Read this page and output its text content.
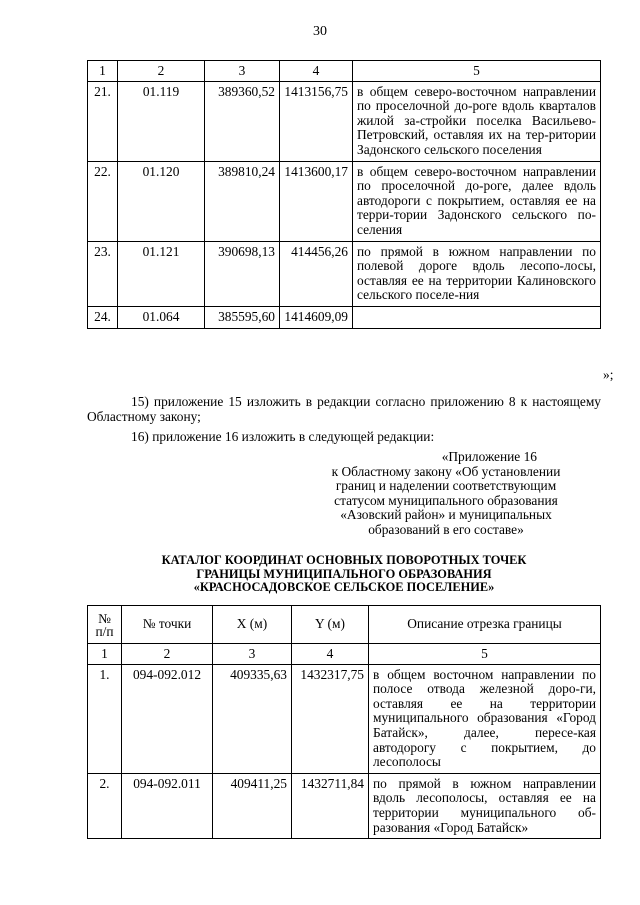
30
1	2	3	4	5
21.	01.119	389360,52	1413156,75	в общем северо-восточном направлении по проселочной до-роге вдоль кварталов жилой за-стройки поселка Васильево-Петровский, оставляя их на тер-ритории Задонского сельского поселения
22.	01.120	389810,24	1413600,17	в общем северо-восточном направлении по проселочной до-роге, далее вдоль автодороги с покрытием, оставляя ее на терри-тории Задонского сельского по-селения
23.	01.121	390698,13	414456,26	по прямой в южном направлении по полевой дороге вдоль лесопо-лосы, оставляя ее на территории Калиновского сельского поселе-ния
24.	01.064	385595,60	1414609,09	
»;
15) приложение 15 изложить в редакции согласно приложению 8 к настоящему Областному закону;
16) приложение 16 изложить в следующей редакции:
«Приложение 16
к Областному закону «Об установлении границ и наделении соответствующим статусом муниципального образования «Азовский район» и муниципальных образований в его составе»
КАТАЛОГ КООРДИНАТ ОСНОВНЫХ ПОВОРОТНЫХ ТОЧЕК
ГРАНИЦЫ МУНИЦИПАЛЬНОГО ОБРАЗОВАНИЯ
«КРАСНОСАДОВСКОЕ СЕЛЬСКОЕ ПОСЕЛЕНИЕ»
№ п/п	№ точки	X (м)	Y (м)	Описание отрезка границы
1	2	3	4	5
1.	094-092.012	409335,63	1432317,75	в общем восточном направлении по полосе отвода железной доро-ги, оставляя ее на территории муниципального образования «Город Батайск», далее, пересе-кая автодорогу с покрытием, до лесополосы
2.	094-092.011	409411,25	1432711,84	по прямой в южном направлении вдоль лесополосы, оставляя ее на территории муниципального об-разования «Город Батайск»
